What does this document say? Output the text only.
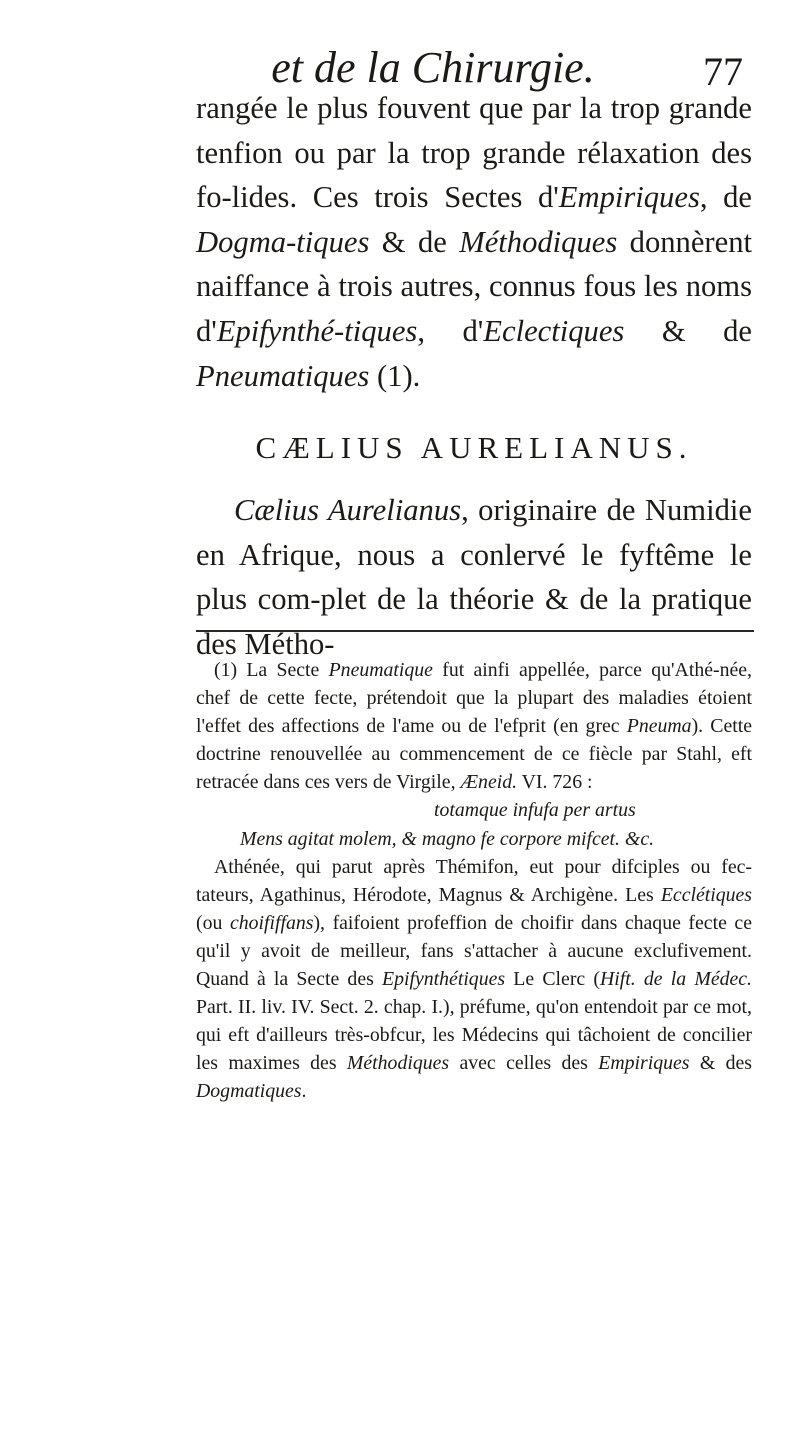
et de la Chirurgie.	77

rangée le plus fouvent que par la trop grande tenfion ou par la trop grande rélaxation des fo-lides. Ces trois Sectes d'Empiriques, de Dogma-tiques & de Méthodiques donnèrent naiffance à trois autres, connus fous les noms d'Epifynthé-tiques, d'Eclectiques & de Pneumatiques (1).

CÆLIUS AURELIANUS.

Cælius Aurelianus, originaire de Numidie en Afrique, nous a conlervé le fyftême le plus com-plet de la théorie & de la pratique des Métho-

(1) La Secte Pneumatique fut ainfi appellée, parce qu'Athé-née, chef de cette fecte, prétendoit que la plupart des maladies étoient l'effet des affections de l'ame ou de l'efprit (en grec Pneuma). Cette doctrine renouvellée au commencement de ce fiècle par Stahl, eft retracée dans ces vers de Virgile, Æneid. VI. 726 :

totamque infufa per artus

Mens agitat molem, & magno fe corpore mifcet. &c.

Athénée, qui parut après Thémifon, eut pour difciples ou fec-tateurs, Agathinus, Hérodote, Magnus & Archigène. Les Ecclétiques (ou choififfans), faifoient profeffion de choifir dans chaque fecte ce qu'il y avoit de meilleur, fans s'attacher à aucune exclufivement. Quand à la Secte des Epifynthétiques Le Clerc (Hift. de la Médec. Part. II. liv. IV. Sect. 2. chap. I.), préfume, qu'on entendoit par ce mot, qui eft d'ailleurs très-obfcur, les Médecins qui tâchoient de concilier les maximes des Méthodiques avec celles des Empiriques & des Dogmatiques.
